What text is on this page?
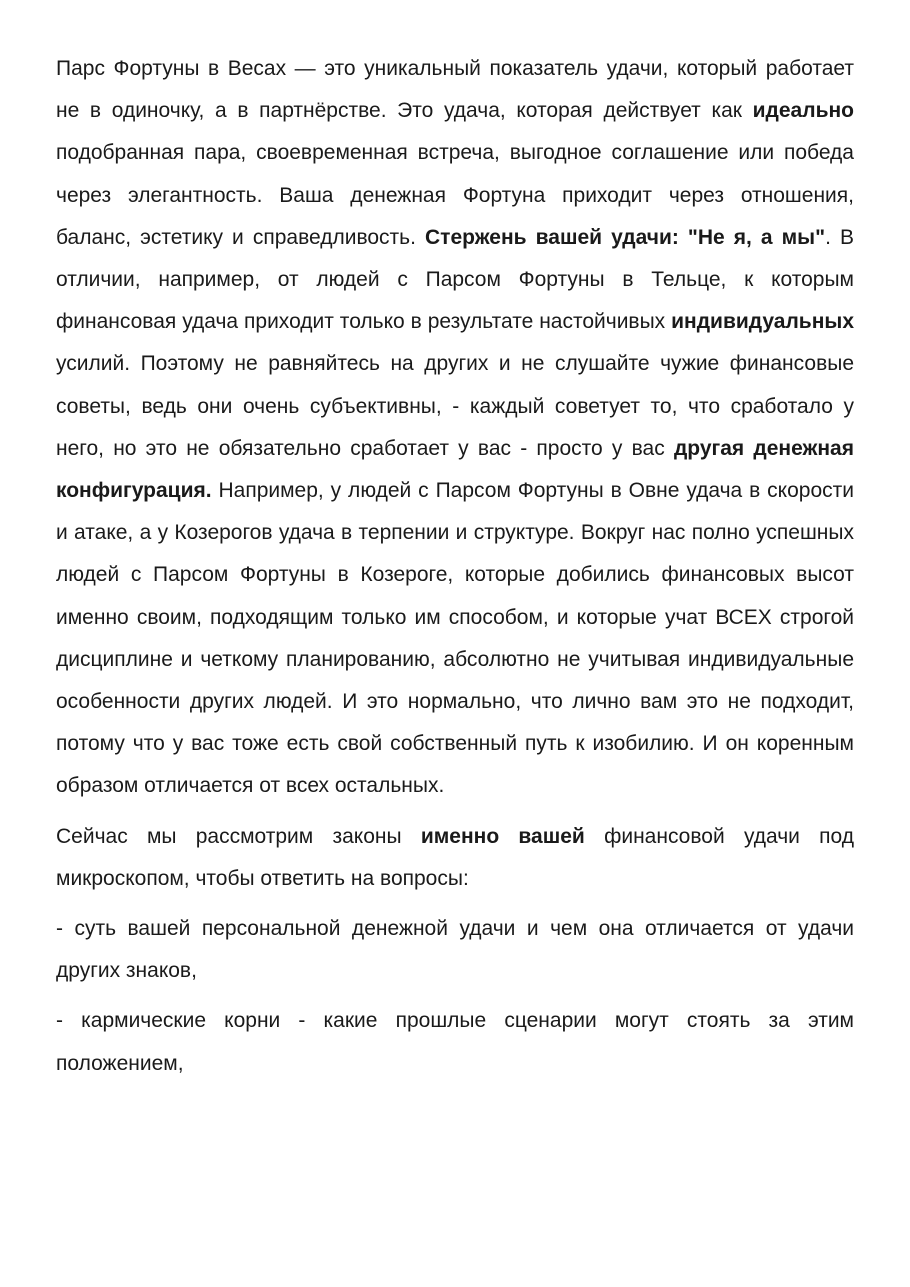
Парс Фортуны в Весах — это уникальный показатель удачи, который работает не в одиночку, а в партнёрстве. Это удача, которая действует как идеально подобранная пара, своевременная встреча, выгодное соглашение или победа через элегантность. Ваша денежная Фортуна приходит через отношения, баланс, эстетику и справедливость. Стержень вашей удачи: "Не я, а мы". В отличии, например, от людей с Парсом Фортуны в Тельце, к которым финансовая удача приходит только в результате настойчивых индивидуальных усилий. Поэтому не равняйтесь на других и не слушайте чужие финансовые советы, ведь они очень субъективны, - каждый советует то, что сработало у него, но это не обязательно сработает у вас - просто у вас другая денежная конфигурация. Например, у людей с Парсом Фортуны в Овне удача в скорости и атаке, а у Козерогов удача в терпении и структуре. Вокруг нас полно успешных людей с Парсом Фортуны в Козероге, которые добились финансовых высот именно своим, подходящим только им способом, и которые учат ВСЕХ строгой дисциплине и четкому планированию, абсолютно не учитывая индивидуальные особенности других людей. И это нормально, что лично вам это не подходит, потому что у вас тоже есть свой собственный путь к изобилию. И он коренным образом отличается от всех остальных.

Сейчас мы рассмотрим законы именно вашей финансовой удачи под микроскопом, чтобы ответить на вопросы:

- суть вашей персональной денежной удачи и чем она отличается от удачи других знаков,

- кармические корни - какие прошлые сценарии могут стоять за этим положением,
